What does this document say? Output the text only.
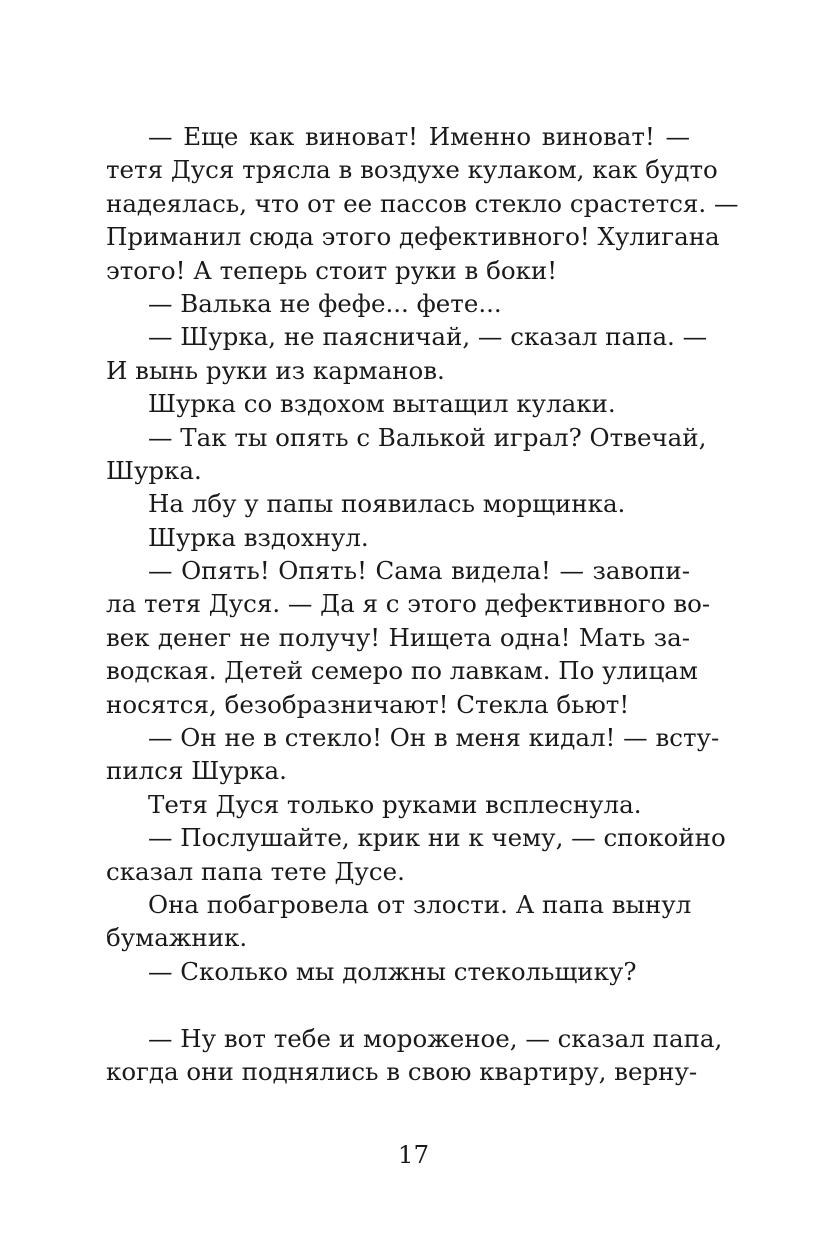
— Еще как виноват! Именно виноват! —
тетя Дуся трясла в воздухе кулаком, как будто
надеялась, что от ее пассов стекло срастется. —
Приманил сюда этого дефективного! Хулигана
этого! А теперь стоит руки в боки!
— Валька не фефе... фете...
— Шурка, не паясничай, — сказал папа. —
И вынь руки из карманов.
Шурка со вздохом вытащил кулаки.
— Так ты опять с Валькой играл? Отвечай,
Шурка.
На лбу у папы появилась морщинка.
Шурка вздохнул.
— Опять! Опять! Сама видела! — завопи-
ла тетя Дуся. — Да я с этого дефективного во-
век денег не получу! Нищета одна! Мать за-
водская. Детей семеро по лавкам. По улицам
носятся, безобразничают! Стекла бьют!
— Он не в стекло! Он в меня кидал! — всту-
пился Шурка.
Тетя Дуся только руками всплеснула.
— Послушайте, крик ни к чему, — спокойно
сказал папа тете Дусе.
Она побагровела от злости. А папа вынул
бумажник.
— Сколько мы должны стекольщику?
— Ну вот тебе и мороженое, — сказал папа,
когда они поднялись в свою квартиру, верну-
17
